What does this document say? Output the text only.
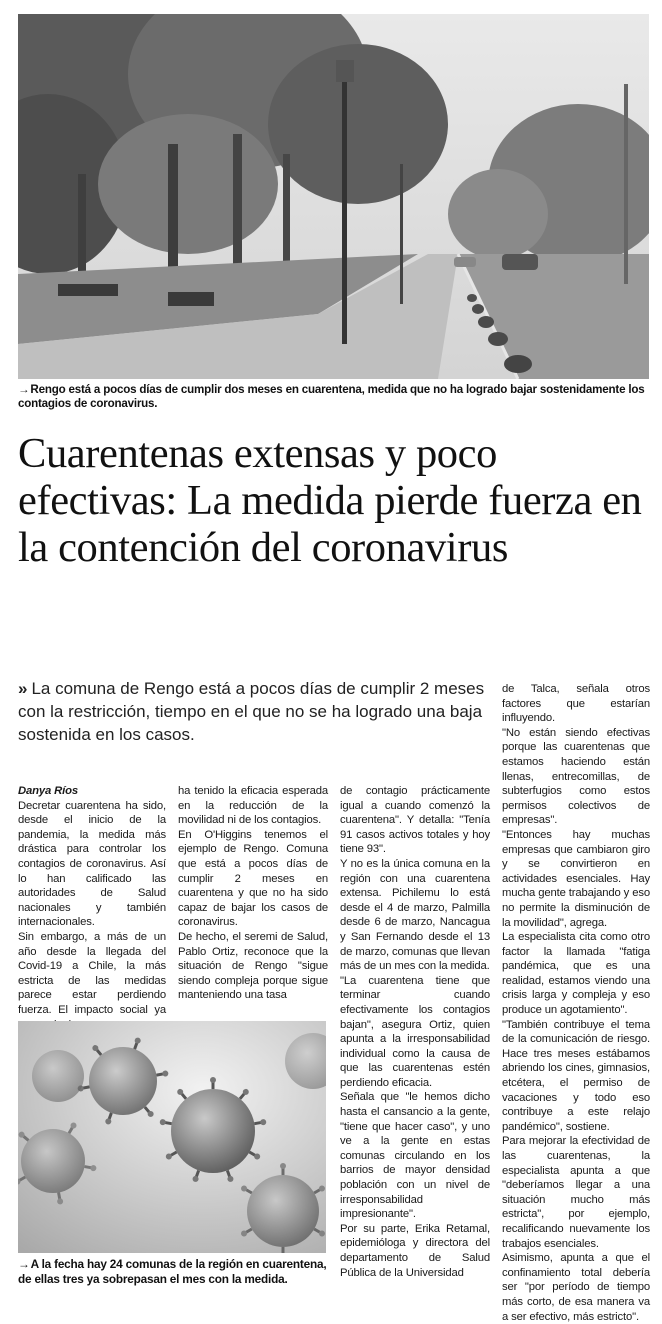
→Rengo está a pocos días de cumplir dos meses en cuarentena, medida que no ha logrado bajar sostenidamente los contagios de coronavirus.
Cuarentenas extensas y poco efectivas: La medida pierde fuerza en la contención del coronavirus
» La comuna de Rengo está a pocos días de cumplir 2 meses con la restricción, tiempo en el que no se ha logrado una baja sostenida en los casos.

Danya Ríos

Decretar cuarentena ha sido, desde el inicio de la pandemia, la medida más drástica para controlar los contagios de coronavirus. Así lo han calificado las autoridades de Salud nacionales y también internacionales.

Sin embargo, a más de un año desde la llegada del Covid-19 a Chile, la más estricta de las medidas parece estar perdiendo fuerza. El impacto social ya

ha tenido la eficacia esperada en la reducción de la movilidad ni de los contagios.

En O'Higgins tenemos el ejemplo de Rengo. Comuna que está a pocos días de cumplir 2 meses en cuarentena y que no ha sido capaz de bajar los casos de coronavirus.

De hecho, el seremi de Salud, Pablo Ortiz, reconoce que la situación de Rengo "sigue siendo compleja porque sigue manteniendo una tasa

de contagio prácticamente igual a cuando comenzó la cuarentena". Y detalla: "Tenía 91 casos activos totales y hoy tiene 93".

Y no es la única comuna en la región con una cuarentena extensa. Pichilemu lo está desde el 4 de marzo, Palmilla desde 6 de marzo, Nancagua y San Fernando desde el 13 de marzo, comunas que llevan más de un mes con la medida.

"La cuarentena tiene que terminar cuando efectivamente los contagios bajan", asegura Ortiz, quien apunta a la irresponsabilidad individual como la causa de que las cuarentenas estén perdiendo eficacia.

Señala que "le hemos dicho hasta el cansancio a la gente, "tiene que hacer caso", y uno ve a la gente en estas comunas circulando en los barrios de mayor densidad población con un nivel de irresponsabilidad impresionante".

Por su parte, Erika Retamal, epidemióloga y directora del departamento de Salud Pública de la Universidad

de Talca, señala otros factores que estarían influyendo.

"No están siendo efectivas porque las cuarentenas que estamos haciendo están llenas, entrecomillas, de subterfugios como estos permisos colectivos de empresas".

"Entonces hay muchas empresas que cambiaron giro y se convirtieron en actividades esenciales. Hay mucha gente trabajando y eso no permite la disminución de la movilidad", agrega.

La especialista cita como otro factor la llamada "fatiga pandémica, que es una realidad, estamos viendo una crisis larga y compleja y eso produce un agotamiento".

"También contribuye el tema de la comunicación de riesgo. Hace tres meses estábamos abriendo los cines, gimnasios, etcétera, el permiso de vacaciones y todo eso contribuye a este relajo pandémico", sostiene.

Para mejorar la efectividad de las cuarentenas, la especialista apunta a que "deberíamos llegar a una situación mucho más estricta", por ejemplo, recalificando nuevamente los trabajos esenciales.

Asimismo, apunta a que el confinamiento total debería ser "por período de tiempo más corto, de esa manera va a ser efectivo, más estricto".

→A la fecha hay 24 comunas de la región en cuarentena, de ellas tres ya sobrepasan el mes con la medida.
